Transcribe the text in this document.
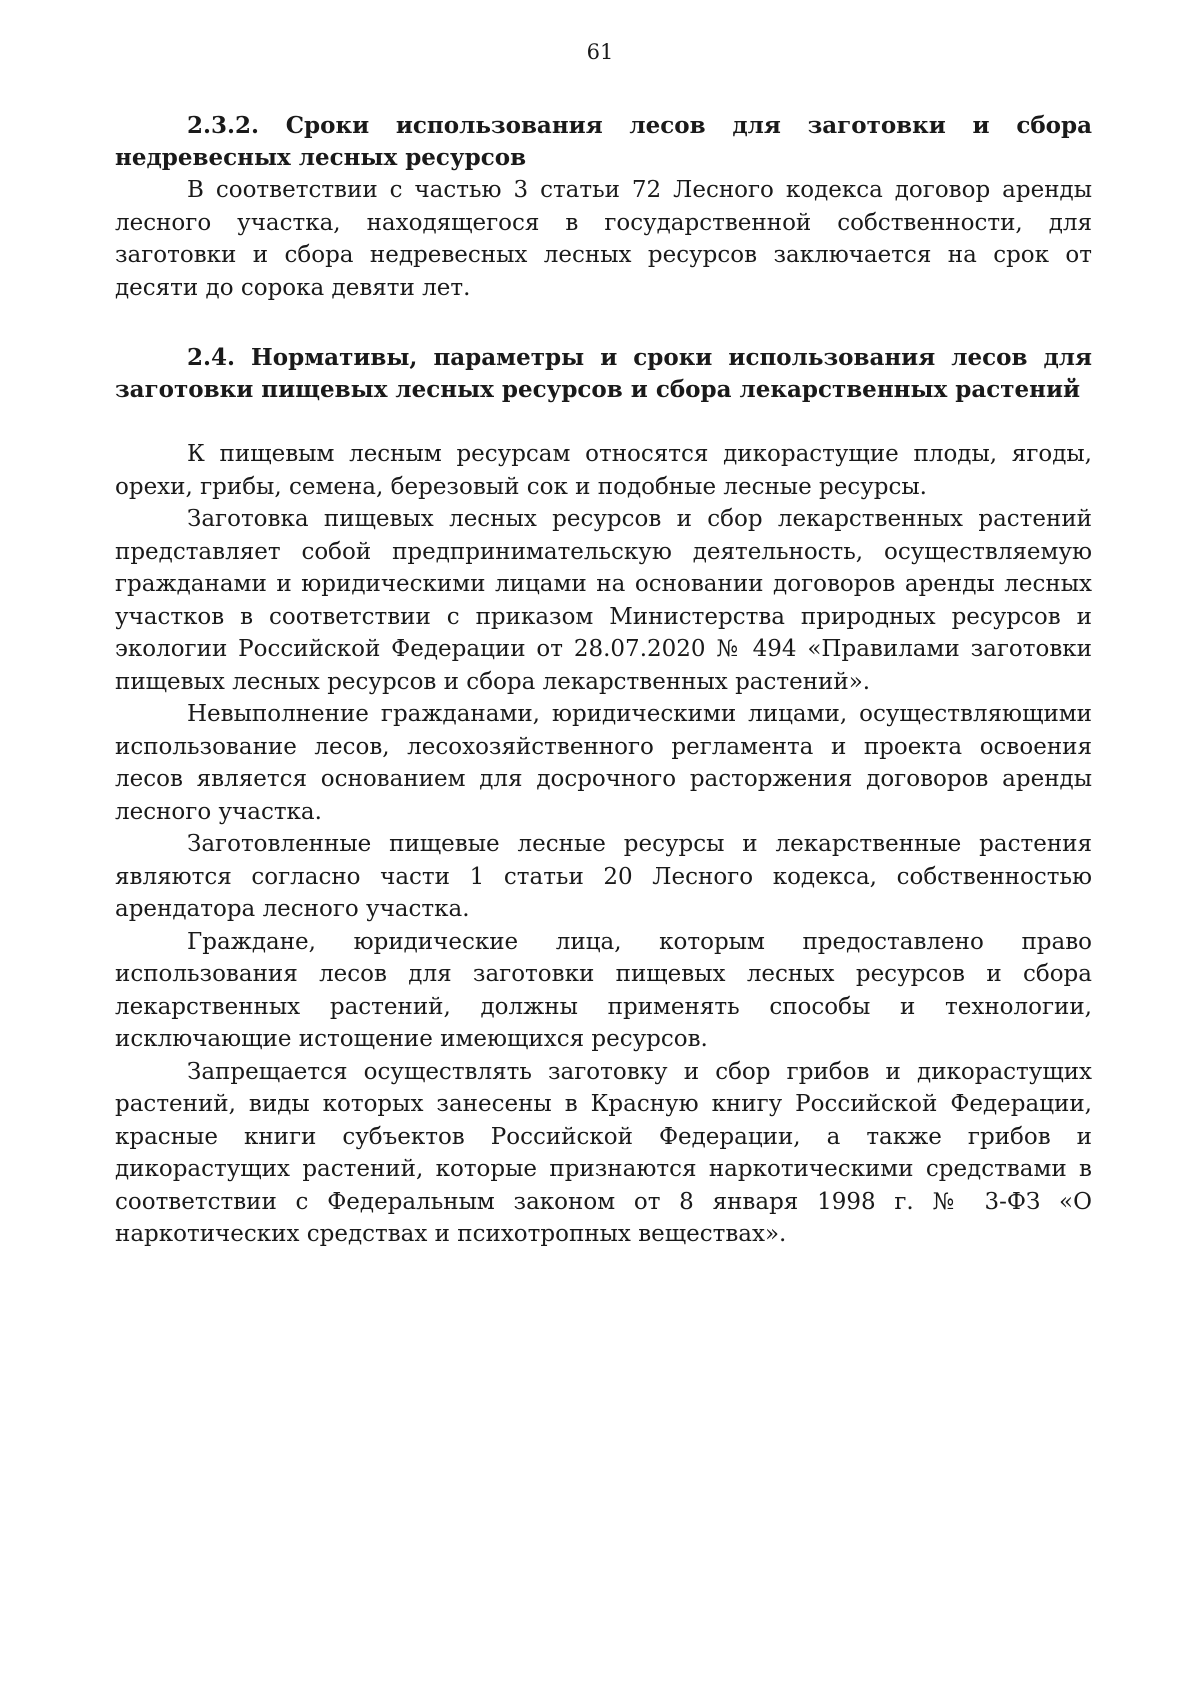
61
2.3.2. Сроки использования лесов для заготовки и сбора недревесных лесных ресурсов

В соответствии с частью 3 статьи 72 Лесного кодекса договор аренды лесного участка, находящегося в государственной собственности, для заготовки и сбора недревесных лесных ресурсов заключается на срок от десяти до сорока девяти лет.

2.4. Нормативы, параметры и сроки использования лесов для заготовки пищевых лесных ресурсов и сбора лекарственных растений

К пищевым лесным ресурсам относятся дикорастущие плоды, ягоды, орехи, грибы, семена, березовый сок и подобные лесные ресурсы.

Заготовка пищевых лесных ресурсов и сбор лекарственных растений представляет собой предпринимательскую деятельность, осуществляемую гражданами и юридическими лицами на основании договоров аренды лесных участков в соответствии с приказом Министерства природных ресурсов и экологии Российской Федерации от 28.07.2020 № 494 «Правилами заготовки пищевых лесных ресурсов и сбора лекарственных растений».

Невыполнение гражданами, юридическими лицами, осуществляющими использование лесов, лесохозяйственного регламента и проекта освоения лесов является основанием для досрочного расторжения договоров аренды лесного участка.

Заготовленные пищевые лесные ресурсы и лекарственные растения являются согласно части 1 статьи 20 Лесного кодекса, собственностью арендатора лесного участка.

Граждане, юридические лица, которым предоставлено право использования лесов для заготовки пищевых лесных ресурсов и сбора лекарственных растений, должны применять способы и технологии, исключающие истощение имеющихся ресурсов.

Запрещается осуществлять заготовку и сбор грибов и дикорастущих растений, виды которых занесены в Красную книгу Российской Федерации, красные книги субъектов Российской Федерации, а также грибов и дикорастущих растений, которые признаются наркотическими средствами в соответствии с Федеральным законом от 8 января 1998 г. № 3-ФЗ «О наркотических средствах и психотропных веществах».
